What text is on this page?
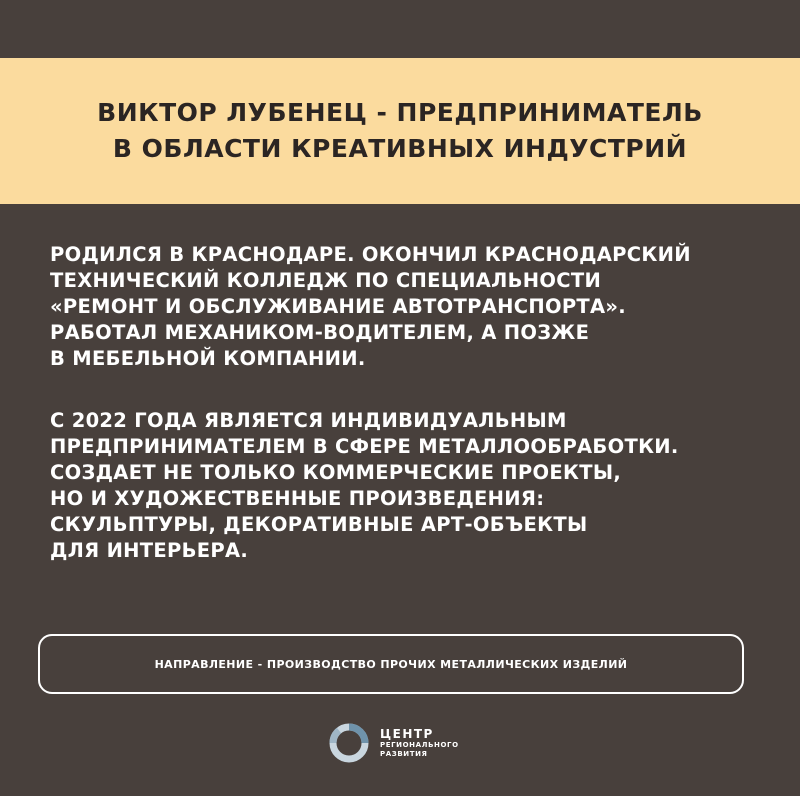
ВИКТОР ЛУБЕНЕЦ - ПРЕДПРИНИМАТЕЛЬ
В ОБЛАСТИ КРЕАТИВНЫХ ИНДУСТРИЙ
РОДИЛСЯ В КРАСНОДАРЕ. ОКОНЧИЛ КРАСНОДАРСКИЙ
ТЕХНИЧЕСКИЙ КОЛЛЕДЖ ПО СПЕЦИАЛЬНОСТИ
«РЕМОНТ И ОБСЛУЖИВАНИЕ АВТОТРАНСПОРТА».
РАБОТАЛ МЕХАНИКОМ-ВОДИТЕЛЕМ, А ПОЗЖЕ
В МЕБЕЛЬНОЙ КОМПАНИИ.
С 2022 ГОДА ЯВЛЯЕТСЯ ИНДИВИДУАЛЬНЫМ
ПРЕДПРИНИМАТЕЛЕМ В СФЕРЕ МЕТАЛЛООБРАБОТКИ.
СОЗДАЕТ НЕ ТОЛЬКО КОММЕРЧЕСКИЕ ПРОЕКТЫ,
НО И ХУДОЖЕСТВЕННЫЕ ПРОИЗВЕДЕНИЯ:
СКУЛЬПТУРЫ, ДЕКОРАТИВНЫЕ АРТ-ОБЪЕКТЫ
ДЛЯ ИНТЕРЬЕРА.
НАПРАВЛЕНИЕ - ПРОИЗВОДСТВО ПРОЧИХ МЕТАЛЛИЧЕСКИХ ИЗДЕЛИЙ
ЦЕНТР
РЕГИОНАЛЬНОГО
РАЗВИТИЯ
